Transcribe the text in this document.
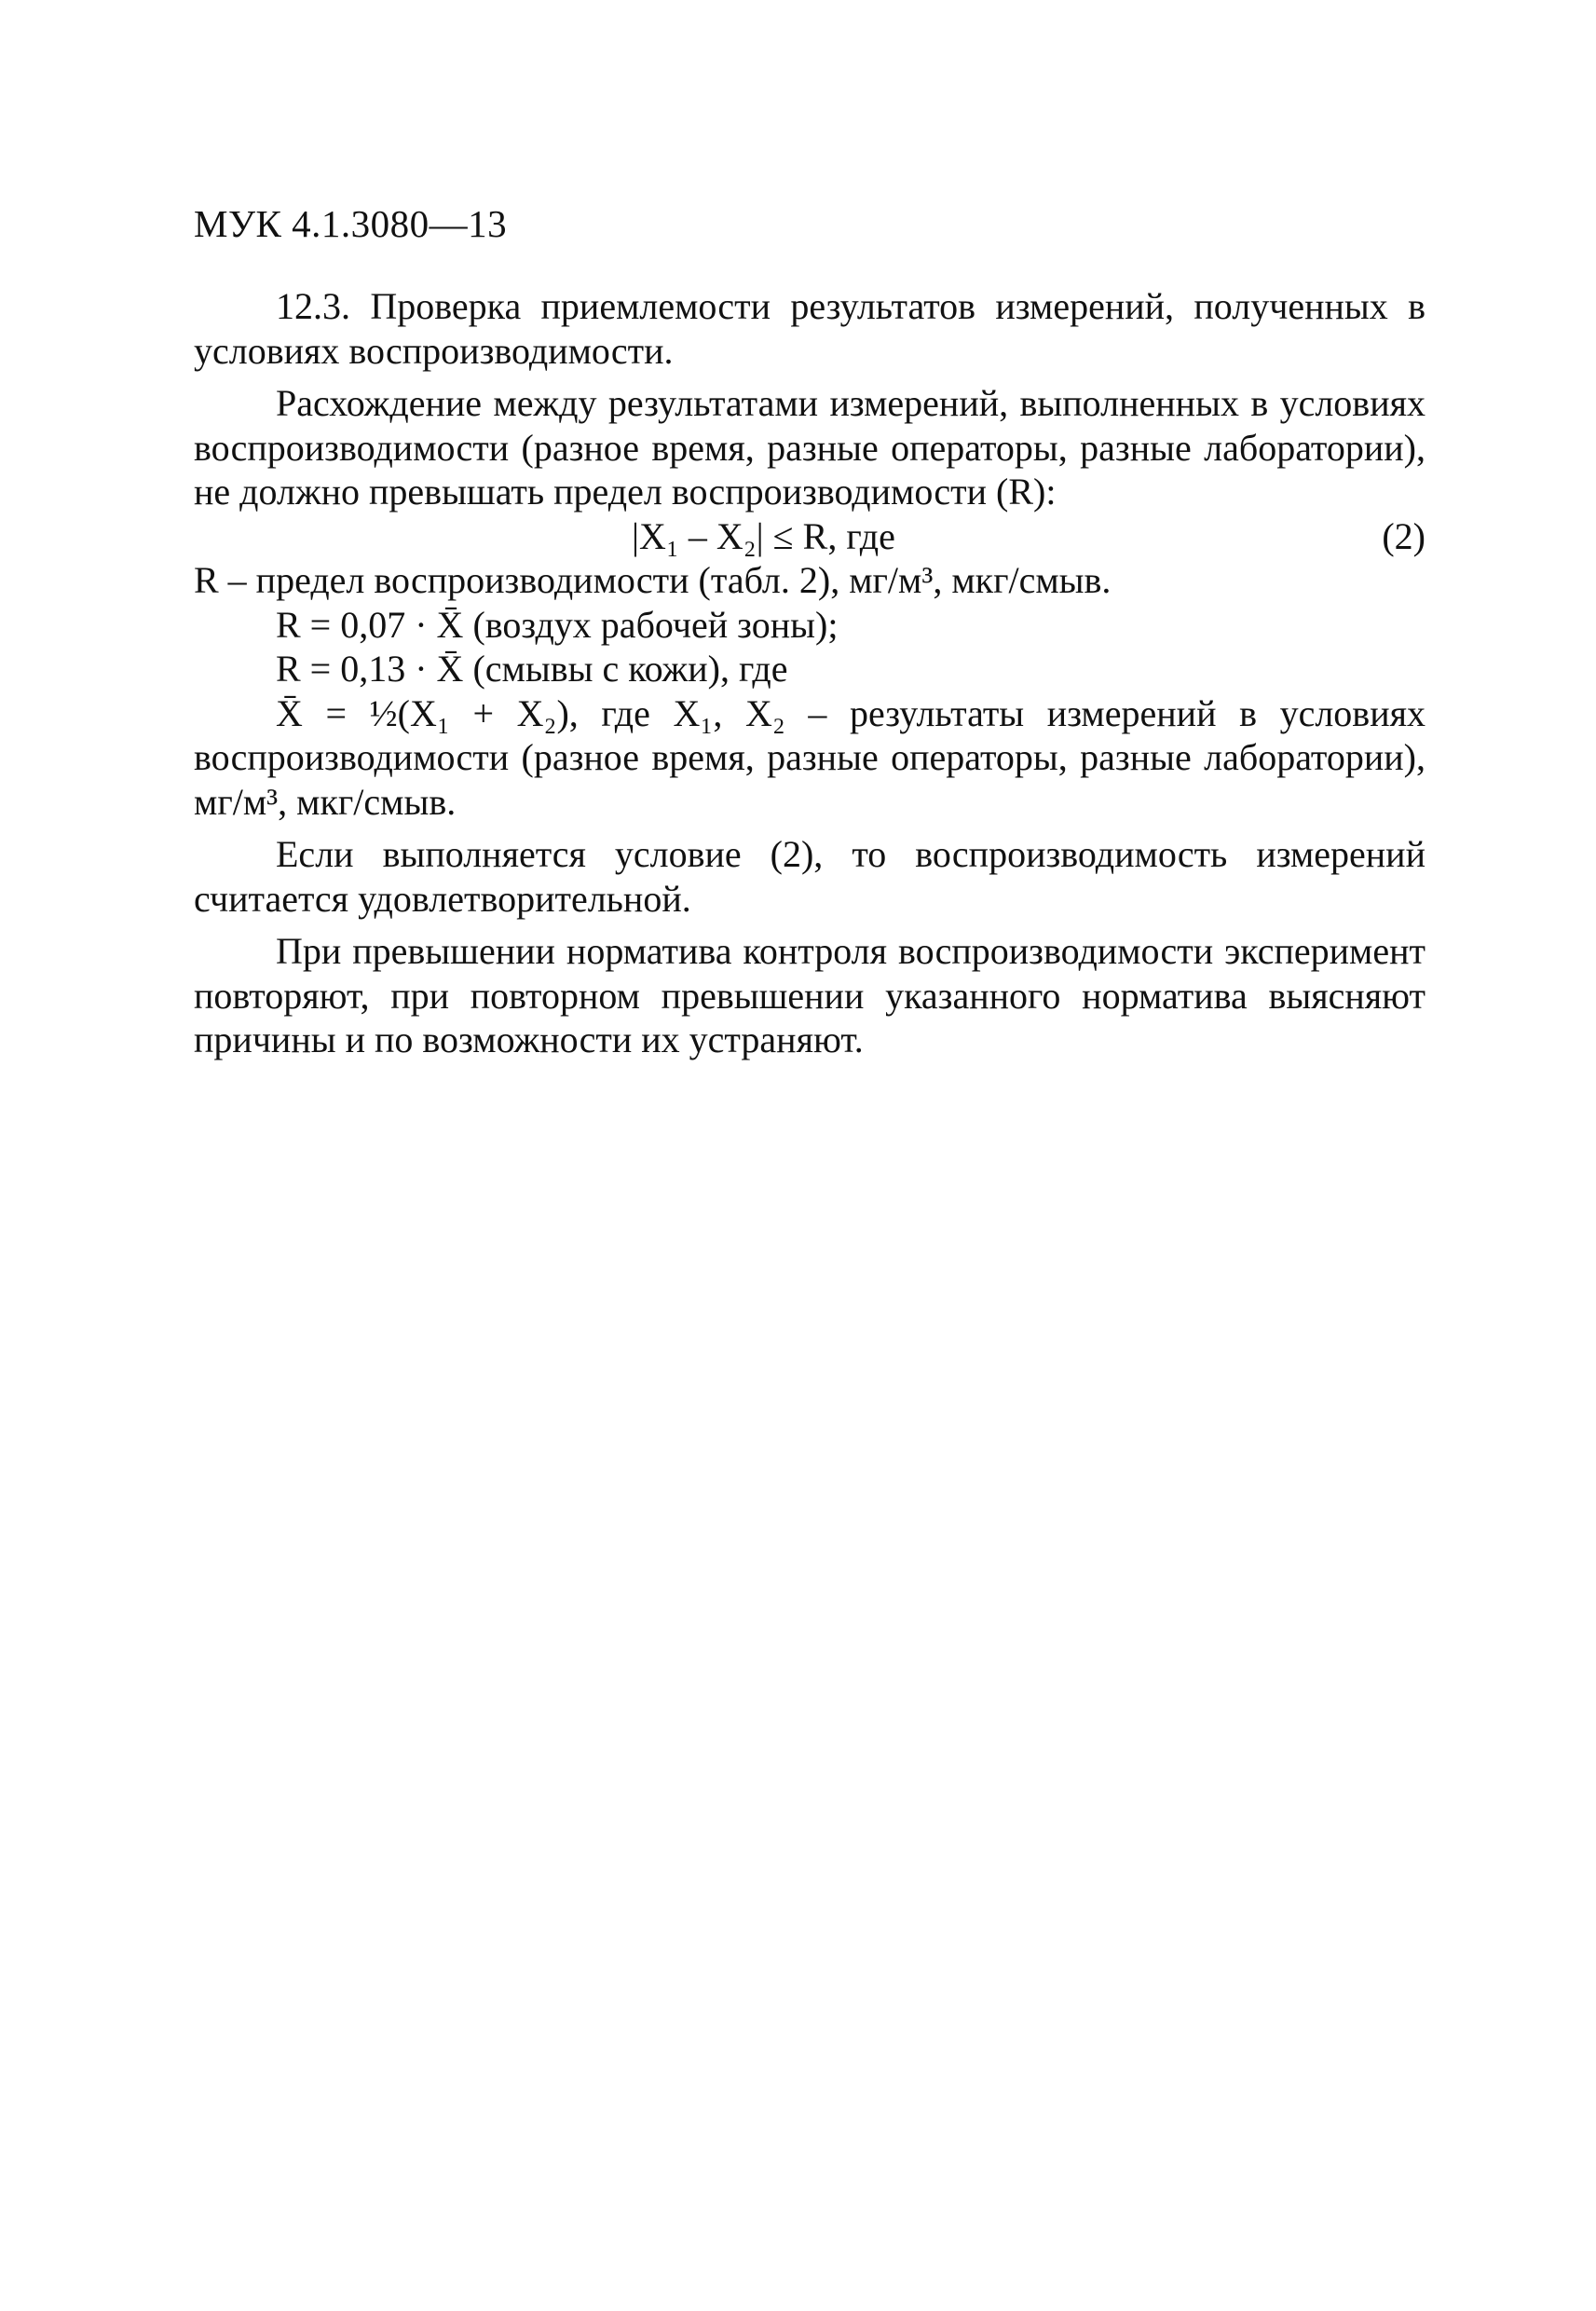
МУК 4.1.3080—13

12.3. Проверка приемлемости результатов измерений, полученных в условиях воспроизводимости.

Расхождение между результатами измерений, выполненных в условиях воспроизводимости (разное время, разные операторы, разные лаборатории), не должно превышать предел воспроизводимости (R):

|X₁ – X₂| ≤ R, где	(2)
R – предел воспроизводимости (табл. 2), мг/м³, мкг/смыв.
R = 0,07 · X̄ (воздух рабочей зоны);
R = 0,13 · X̄ (смывы с кожи), где

X̄ = ½(X₁ + X₂), где X₁, X₂ – результаты измерений в условиях воспроизводимости (разное время, разные операторы, разные лаборатории), мг/м³, мкг/смыв.

Если выполняется условие (2), то воспроизводимость измерений считается удовлетворительной.

При превышении норматива контроля воспроизводимости эксперимент повторяют, при повторном превышении указанного норматива выясняют причины и по возможности их устраняют.
